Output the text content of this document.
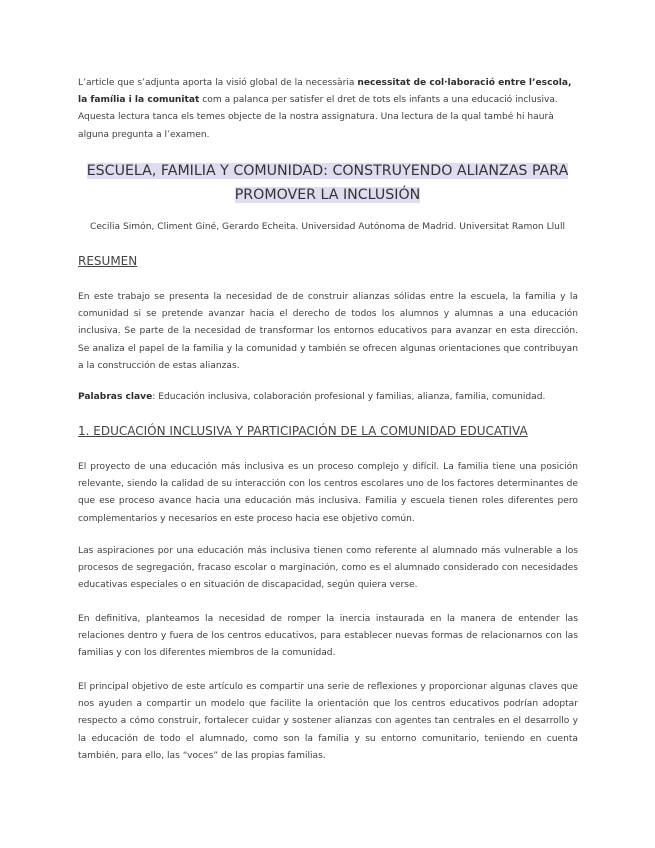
L’article que s’adjunta aporta la visió global de la necessària necessitat de col·laboració entre l’escola, la família i la comunitat com a palanca per satisfer el dret de tots els infants a una educació inclusiva. Aquesta lectura tanca els temes objecte de la nostra assignatura. Una lectura de la qual també hi haurà alguna pregunta a l’examen.

ESCUELA, FAMILIA Y COMUNIDAD: CONSTRUYENDO ALIANZAS PARA PROMOVER LA INCLUSIÓN

Cecilia Simón, Climent Giné, Gerardo Echeita. Universidad Autónoma de Madrid. Universitat Ramon Llull

RESUMEN

En este trabajo se presenta la necesidad de de construir alianzas sólidas entre la escuela, la familia y la comunidad si se pretende avanzar hacia el derecho de todos los alumnos y alumnas a una educación inclusiva. Se parte de la necesidad de transformar los entornos educativos para avanzar en esta dirección. Se analiza el papel de la familia y la comunidad y también se ofrecen algunas orientaciones que contribuyan a la construcción de estas alianzas.

Palabras clave: Educación inclusiva, colaboración profesional y familias, alianza, familia, comunidad.

1. EDUCACIÓN INCLUSIVA Y PARTICIPACIÓN DE LA COMUNIDAD EDUCATIVA

El proyecto de una educación más inclusiva es un proceso complejo y difícil. La familia tiene una posición relevante, siendo la calidad de su interacción con los centros escolares uno de los factores determinantes de que ese proceso avance hacia una educación más inclusiva. Familia y escuela tienen roles diferentes pero complementarios y necesarios en este proceso hacia ese objetivo común.

Las aspiraciones por una educación más inclusiva tienen como referente al alumnado más vulnerable a los procesos de segregación, fracaso escolar o marginación, como es el alumnado considerado con necesidades educativas especiales o en situación de discapacidad, según quiera verse.

En definitiva, planteamos la necesidad de romper la inercia instaurada en la manera de entender las relaciones dentro y fuera de los centros educativos, para establecer nuevas formas de relacionarnos con las familias y con los diferentes miembros de la comunidad.

El principal objetivo de este artículo es compartir una serie de reflexiones y proporcionar algunas claves que nos ayuden a compartir un modelo que facilite la orientación que los centros educativos podrían adoptar respecto a cómo construir, fortalecer cuidar y sostener alianzas con agentes tan centrales en el desarrollo y la educación de todo el alumnado, como son la familia y su entorno comunitario, teniendo en cuenta también, para ello, las “voces” de las propias familias.
